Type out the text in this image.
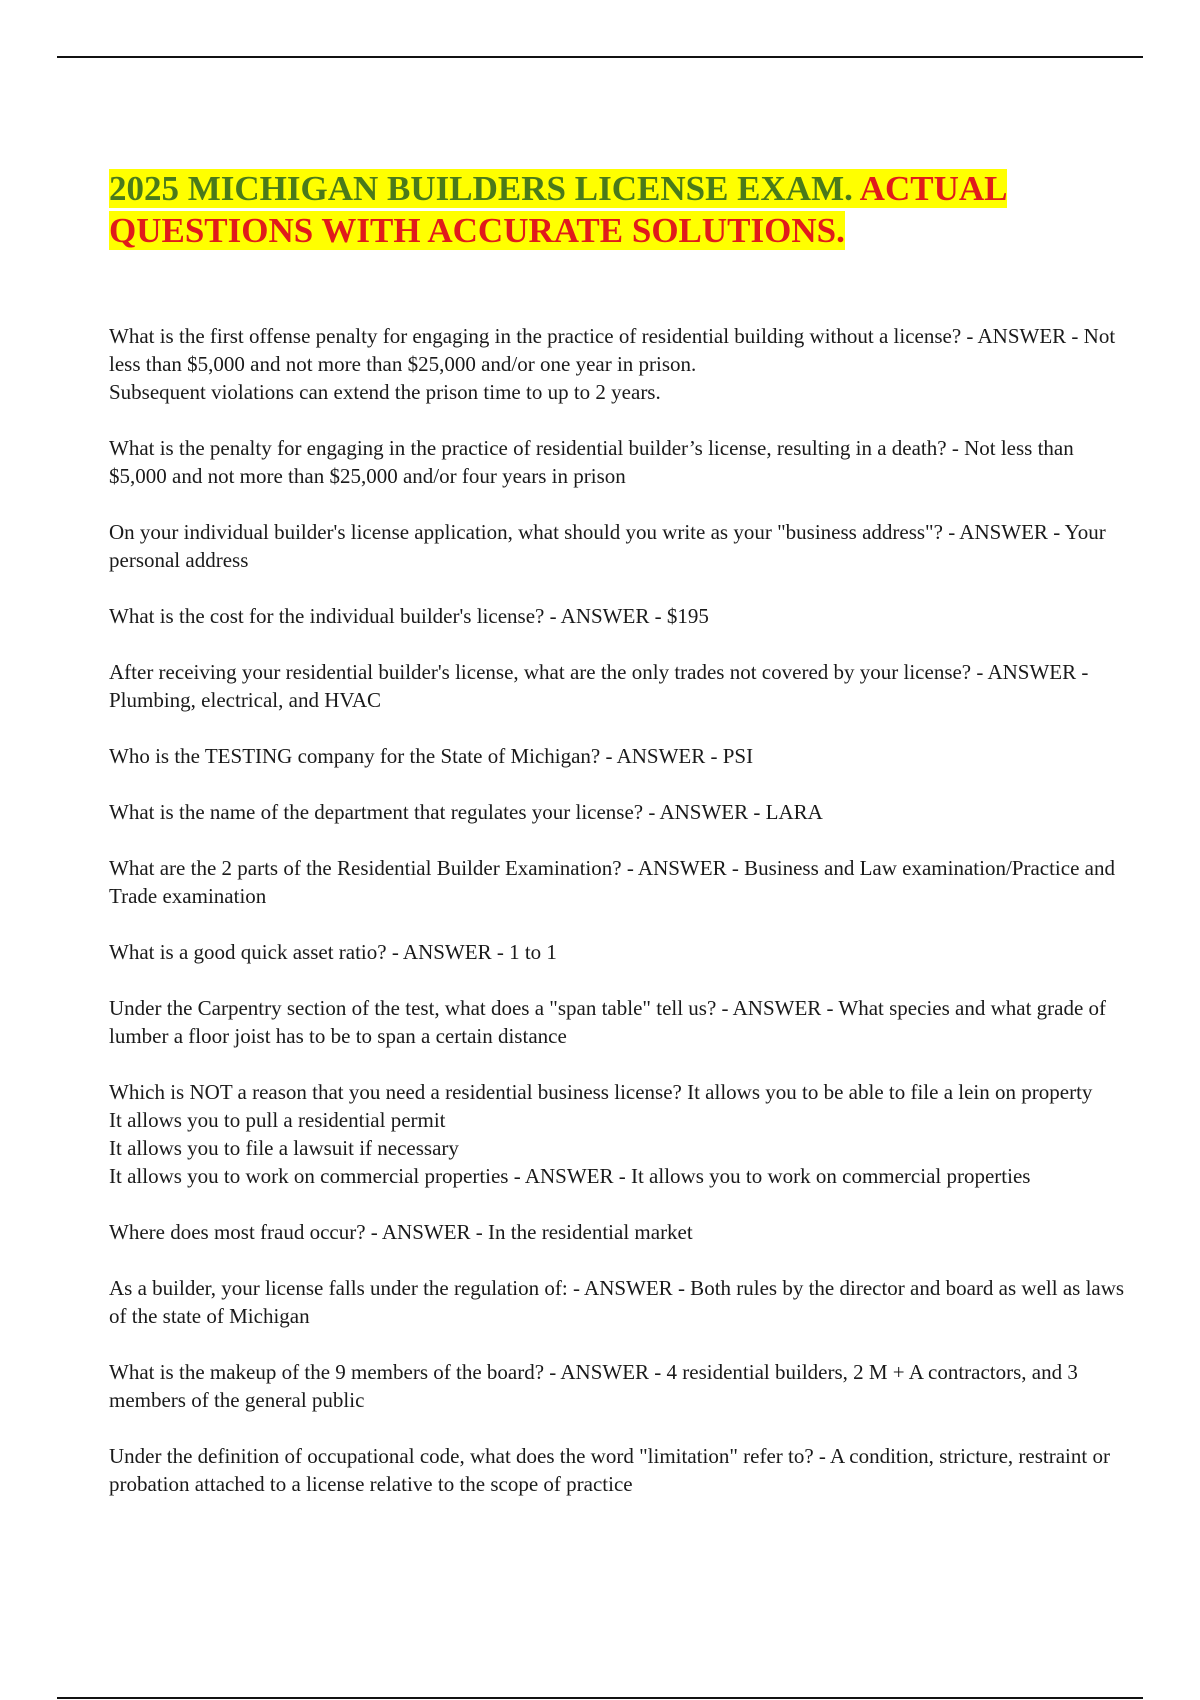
2025 MICHIGAN BUILDERS LICENSE EXAM. ACTUAL QUESTIONS WITH ACCURATE SOLUTIONS.

What is the first offense penalty for engaging in the practice of residential building without a license? - ANSWER - Not less than $5,000 and not more than $25,000 and/or one year in prison.
Subsequent violations can extend the prison time to up to 2 years.

What is the penalty for engaging in the practice of residential builder’s license, resulting in a death? - Not less than $5,000 and not more than $25,000 and/or four years in prison

On your individual builder's license application, what should you write as your "business address"? - ANSWER - Your personal address

What is the cost for the individual builder's license? - ANSWER - $195

After receiving your residential builder's license, what are the only trades not covered by your license? - ANSWER - Plumbing, electrical, and HVAC

Who is the TESTING company for the State of Michigan? - ANSWER - PSI

What is the name of the department that regulates your license? - ANSWER - LARA

What are the 2 parts of the Residential Builder Examination? - ANSWER - Business and Law examination/Practice and Trade examination

What is a good quick asset ratio? - ANSWER - 1 to 1

Under the Carpentry section of the test, what does a "span table" tell us? - ANSWER - What species and what grade of lumber a floor joist has to be to span a certain distance

Which is NOT a reason that you need a residential business license? It allows you to be able to file a lein on property
It allows you to pull a residential permit
It allows you to file a lawsuit if necessary
It allows you to work on commercial properties - ANSWER - It allows you to work on commercial properties

Where does most fraud occur? - ANSWER - In the residential market

As a builder, your license falls under the regulation of: - ANSWER - Both rules by the director and board as well as laws of the state of Michigan

What is the makeup of the 9 members of the board? - ANSWER - 4 residential builders, 2 M + A contractors, and 3 members of the general public

Under the definition of occupational code, what does the word "limitation" refer to? - A condition, stricture, restraint or probation attached to a license relative to the scope of practice
